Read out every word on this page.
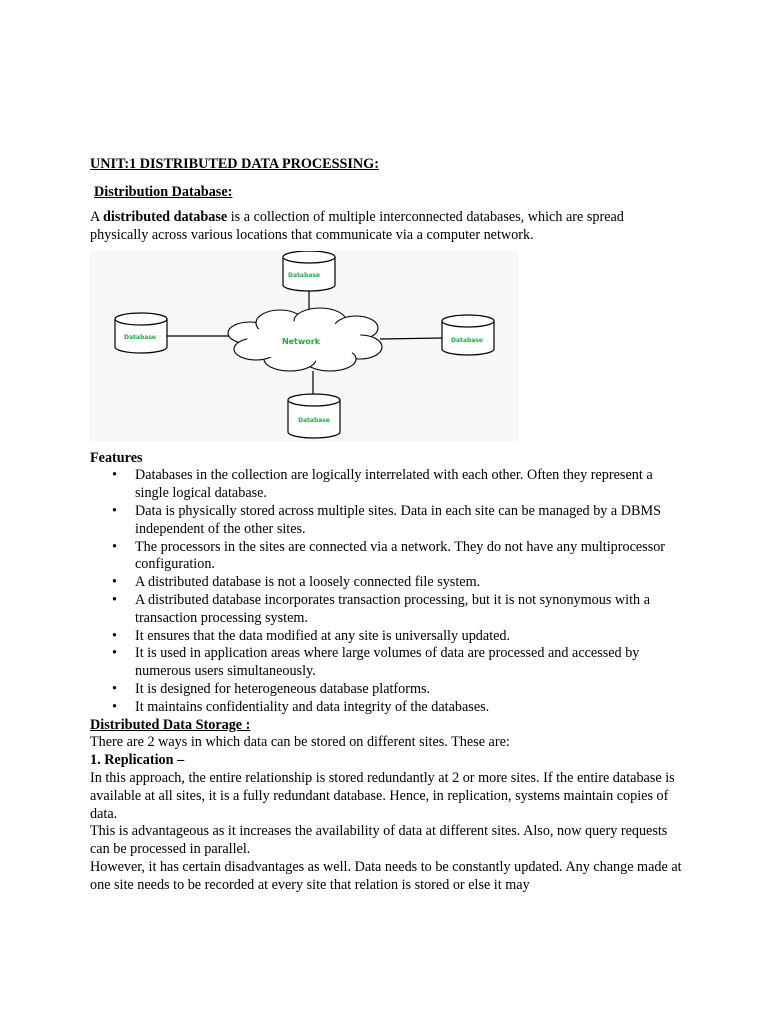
UNIT:1 DISTRIBUTED DATA PROCESSING:
Distribution Database:

A distributed database is a collection of multiple interconnected databases, which are spread physically across various locations that communicate via a computer network.

Network
Database
Database	Database
Database
Features
• Databases in the collection are logically interrelated with each other. Often they represent a single logical database.
• Data is physically stored across multiple sites. Data in each site can be managed by a DBMS independent of the other sites.
• The processors in the sites are connected via a network. They do not have any multiprocessor configuration.
• A distributed database is not a loosely connected file system.
• A distributed database incorporates transaction processing, but it is not synonymous with a transaction processing system.
• It ensures that the data modified at any site is universally updated.
• It is used in application areas where large volumes of data are processed and accessed by numerous users simultaneously.
• It is designed for heterogeneous database platforms.
• It maintains confidentiality and data integrity of the databases.
Distributed Data Storage :

There are 2 ways in which data can be stored on different sites. These are:

1. Replication –

In this approach, the entire relationship is stored redundantly at 2 or more sites. If the entire database is available at all sites, it is a fully redundant database. Hence, in replication, systems maintain copies of data.

This is advantageous as it increases the availability of data at different sites. Also, now query requests can be processed in parallel.

However, it has certain disadvantages as well. Data needs to be constantly updated. Any change made at one site needs to be recorded at every site that relation is stored or else it may
